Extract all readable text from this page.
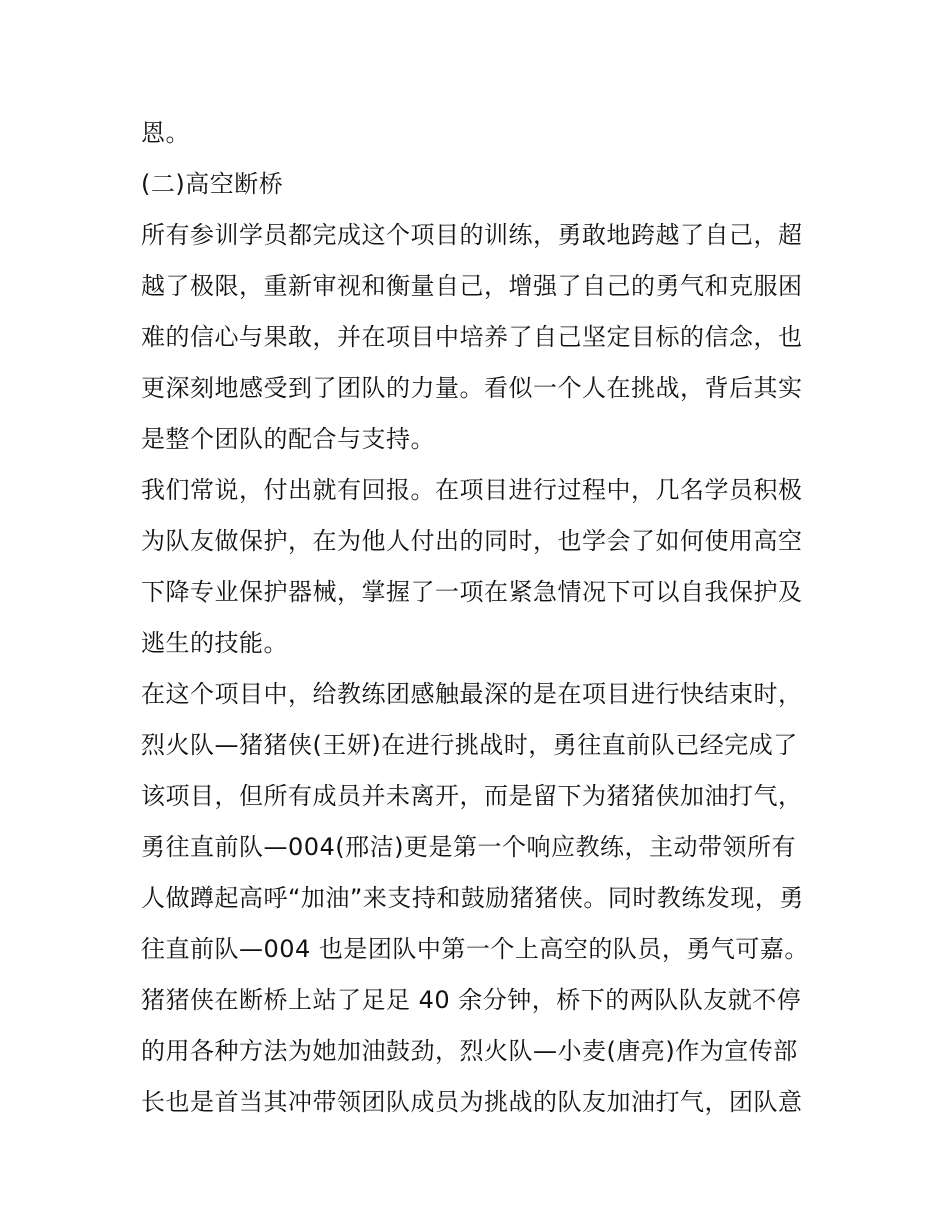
恩。
(二)高空断桥
所有参训学员都完成这个项目的训练，勇敢地跨越了自己，超
越了极限，重新审视和衡量自己，增强了自己的勇气和克服困
难的信心与果敢，并在项目中培养了自己坚定目标的信念，也
更深刻地感受到了团队的力量。看似一个人在挑战，背后其实
是整个团队的配合与支持。
我们常说，付出就有回报。在项目进行过程中，几名学员积极
为队友做保护，在为他人付出的同时，也学会了如何使用高空
下降专业保护器械，掌握了一项在紧急情况下可以自我保护及
逃生的技能。
在这个项目中，给教练团感触最深的是在项目进行快结束时，
烈火队—猪猪侠(王妍)在进行挑战时，勇往直前队已经完成了
该项目，但所有成员并未离开，而是留下为猪猪侠加油打气，
勇往直前队—004(邢洁)更是第一个响应教练，主动带领所有
人做蹲起高呼“加油”来支持和鼓励猪猪侠。同时教练发现，勇
往直前队—004 也是团队中第一个上高空的队员，勇气可嘉。
猪猪侠在断桥上站了足足 40 余分钟，桥下的两队队友就不停
的用各种方法为她加油鼓劲，烈火队—小麦(唐亮)作为宣传部
长也是首当其冲带领团队成员为挑战的队友加油打气，团队意
